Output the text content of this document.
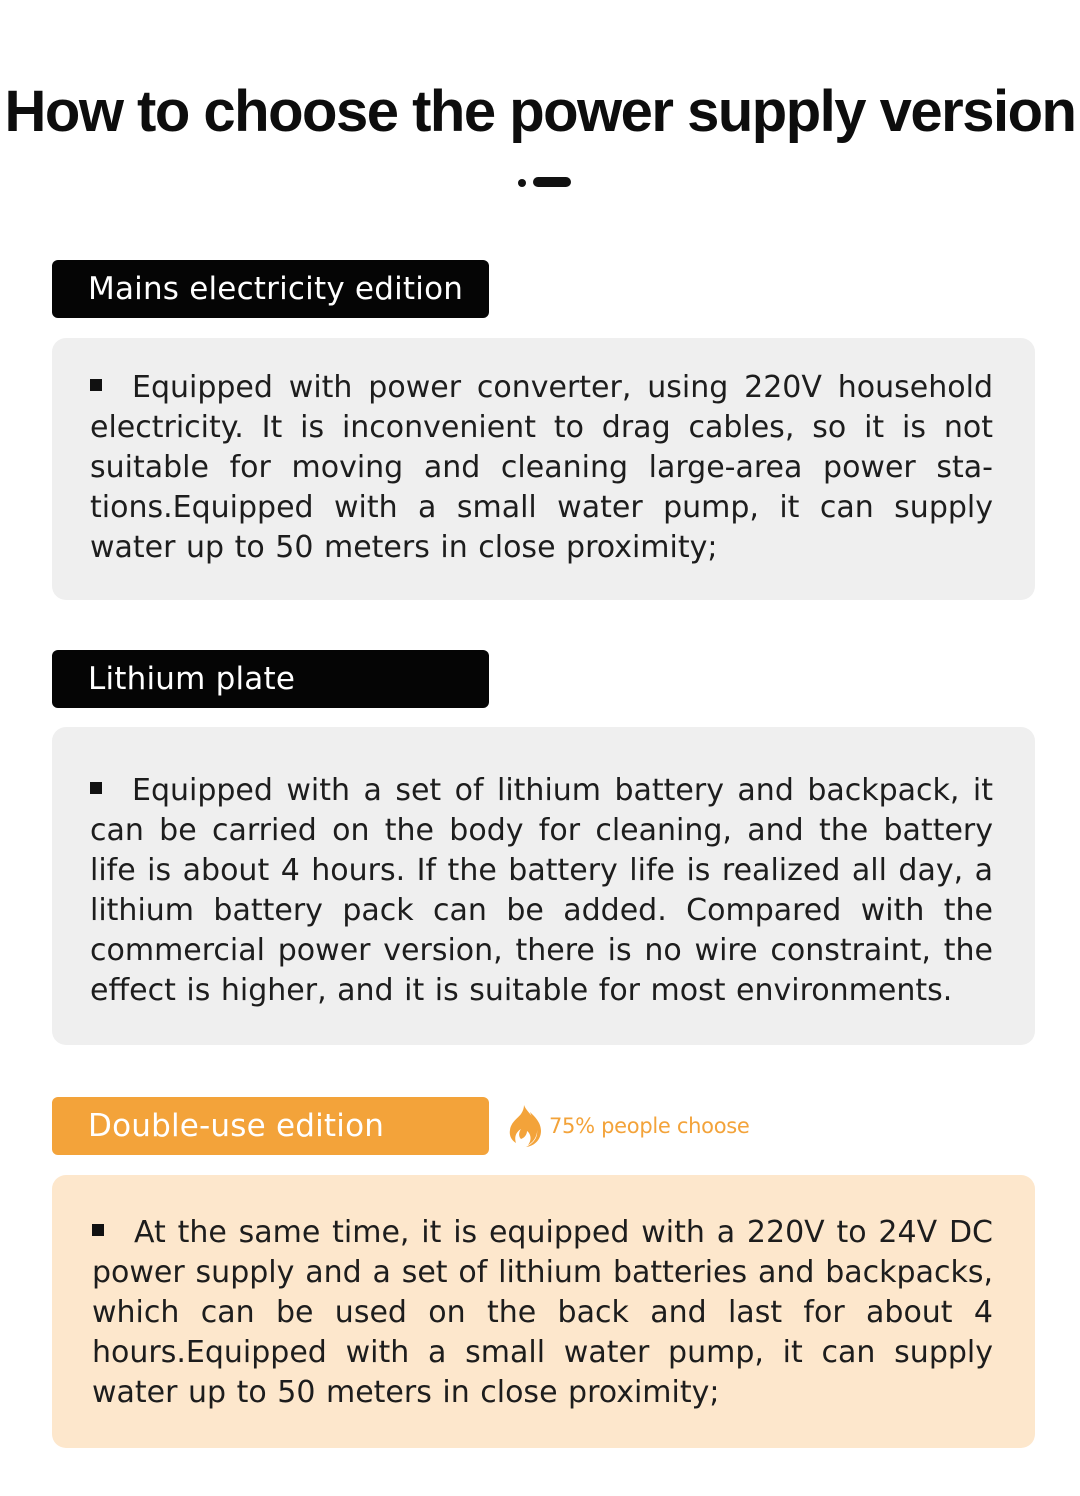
How to choose the power supply version
Mains electricity edition

Equipped with power converter, using 220V household electricity. It is inconvenient to drag cables, so it is not suitable for moving and cleaning large-area power stations.Equipped with a small water pump, it can supply water up to 50 meters in close proximity;

Lithium plate

Equipped with a set of lithium battery and backpack, it can be carried on the body for cleaning, and the battery life is about 4 hours. If the battery life is realized all day, a lithium battery pack can be added. Compared with the commercial power version, there is no wire constraint, the effect is higher, and it is suitable for most environments.

Double-use edition	75% people choose

At the same time, it is equipped with a 220V to 24V DC power supply and a set of lithium batteries and backpacks, which can be used on the back and last for about 4 hours.Equipped with a small water pump, it can supply water up to 50 meters in close proximity;
